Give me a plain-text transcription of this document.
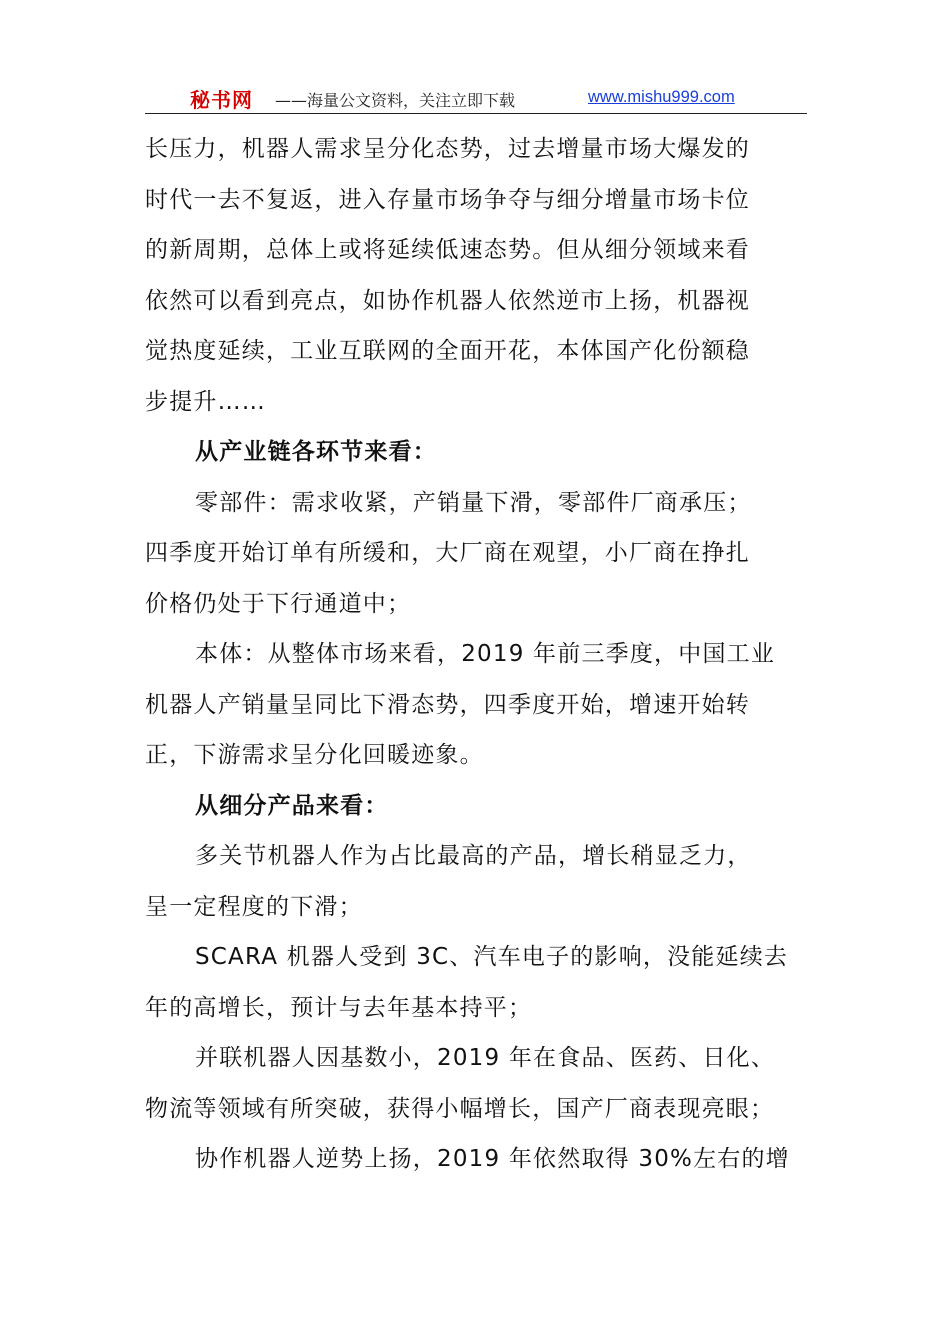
秘书网 ——海量公文资料，关注立即下载	www.mishu999.com

长压力，机器人需求呈分化态势，过去增量市场大爆发的

时代一去不复返，进入存量市场争夺与细分增量市场卡位

的新周期，总体上或将延续低速态势。但从细分领域来看

依然可以看到亮点，如协作机器人依然逆市上扬，机器视

觉热度延续，工业互联网的全面开花，本体国产化份额稳

步提升……

从产业链各环节来看：

零部件：需求收紧，产销量下滑，零部件厂商承压；

四季度开始订单有所缓和，大厂商在观望，小厂商在挣扎

价格仍处于下行通道中；

本体：从整体市场来看，2019 年前三季度，中国工业

机器人产销量呈同比下滑态势，四季度开始，增速开始转

正，下游需求呈分化回暖迹象。

从细分产品来看：

多关节机器人作为占比最高的产品，增长稍显乏力，

呈一定程度的下滑；

SCARA 机器人受到 3C、汽车电子的影响，没能延续去

年的高增长，预计与去年基本持平；

并联机器人因基数小，2019 年在食品、医药、日化、

物流等领域有所突破，获得小幅增长，国产厂商表现亮眼；

协作机器人逆势上扬，2019 年依然取得 30%左右的增
